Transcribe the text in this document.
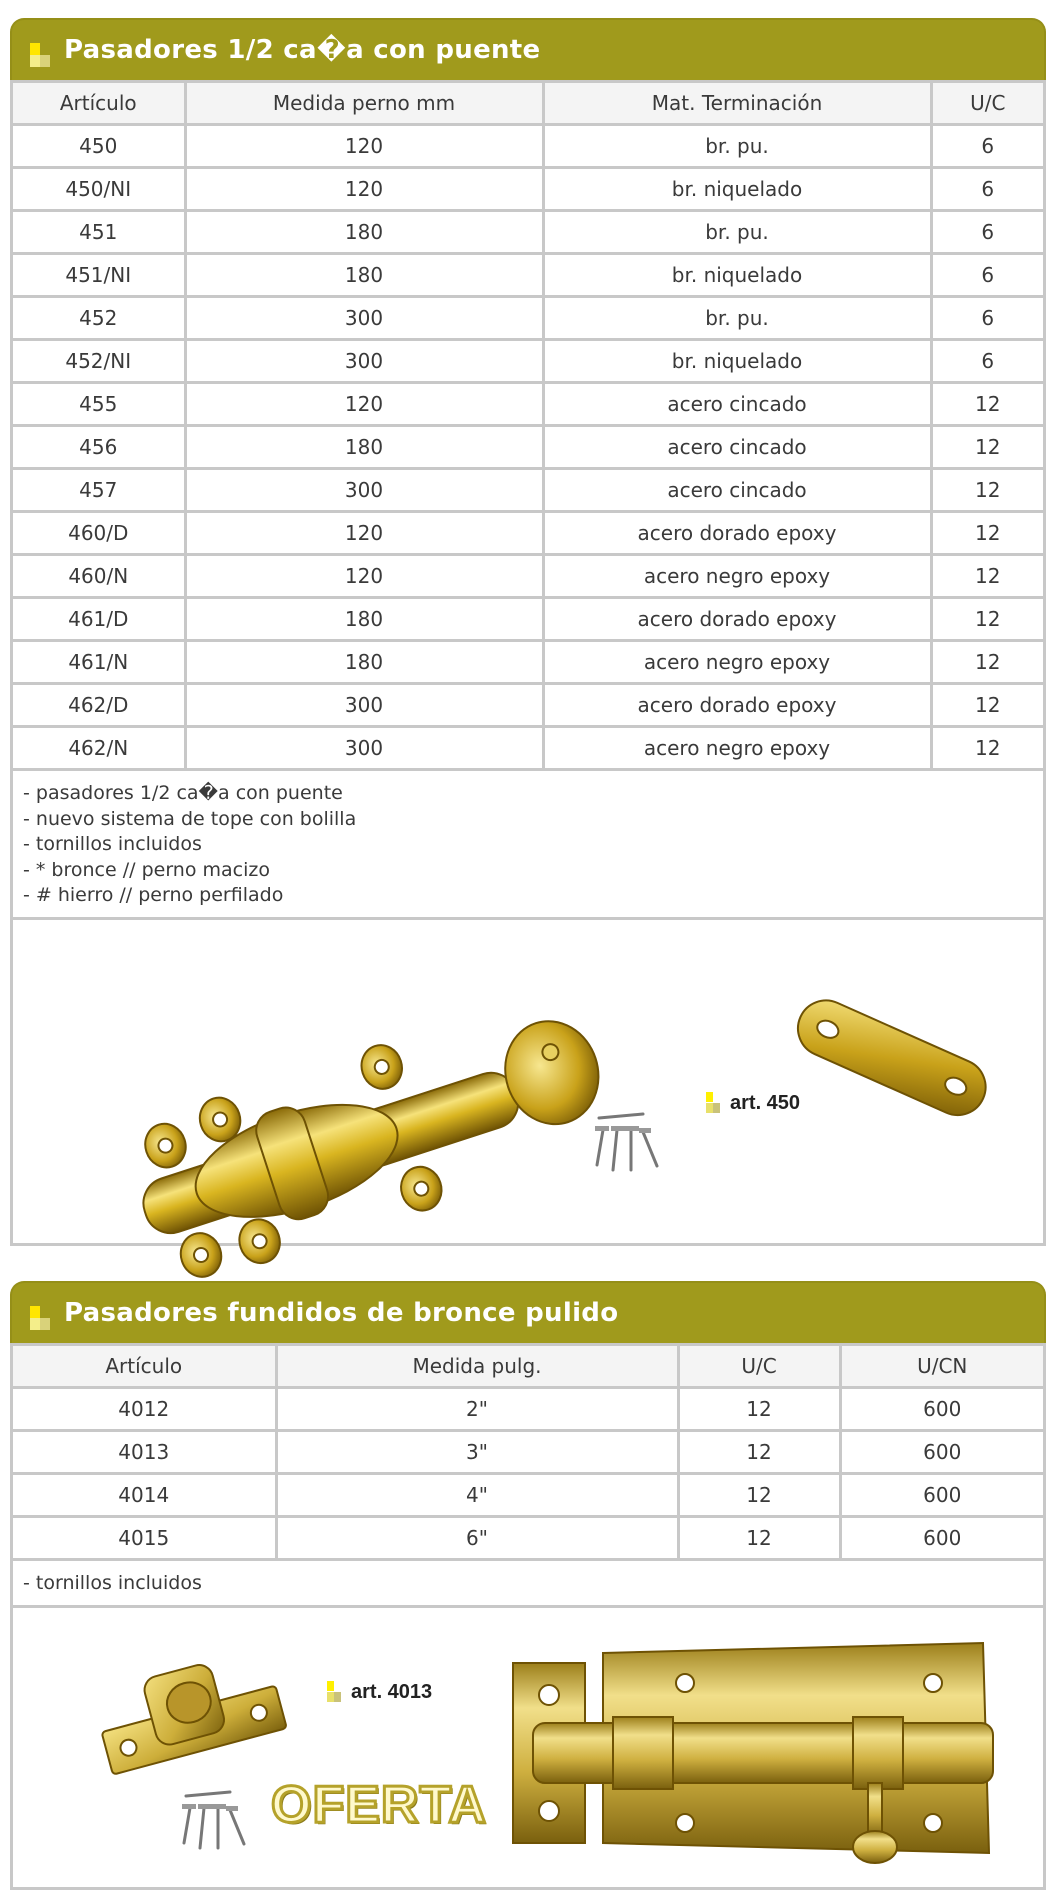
Pasadores 1/2 ca�a con puente
Artículo	Medida perno mm	Mat. Terminación	U/C
450	120	br. pu.	6
450/NI	120	br. niquelado	6
451	180	br. pu.	6
451/NI	180	br. niquelado	6
452	300	br. pu.	6
452/NI	300	br. niquelado	6
455	120	acero cincado	12
456	180	acero cincado	12
457	300	acero cincado	12
460/D	120	acero dorado epoxy	12
460/N	120	acero negro epoxy	12
461/D	180	acero dorado epoxy	12
461/N	180	acero negro epoxy	12
462/D	300	acero dorado epoxy	12
462/N	300	acero negro epoxy	12
- pasadores 1/2 ca�a con puente
- nuevo sistema de tope con bolilla
- tornillos incluidos
- * bronce // perno macizo
- # hierro // perno perfilado
art. 450
Pasadores fundidos de bronce pulido
Artículo	Medida pulg.	U/C	U/CN
4012	2"	12	600
4013	3"	12	600
4014	4"	12	600
4015	6"	12	600
- tornillos incluidos
art. 4013
OFERTA
